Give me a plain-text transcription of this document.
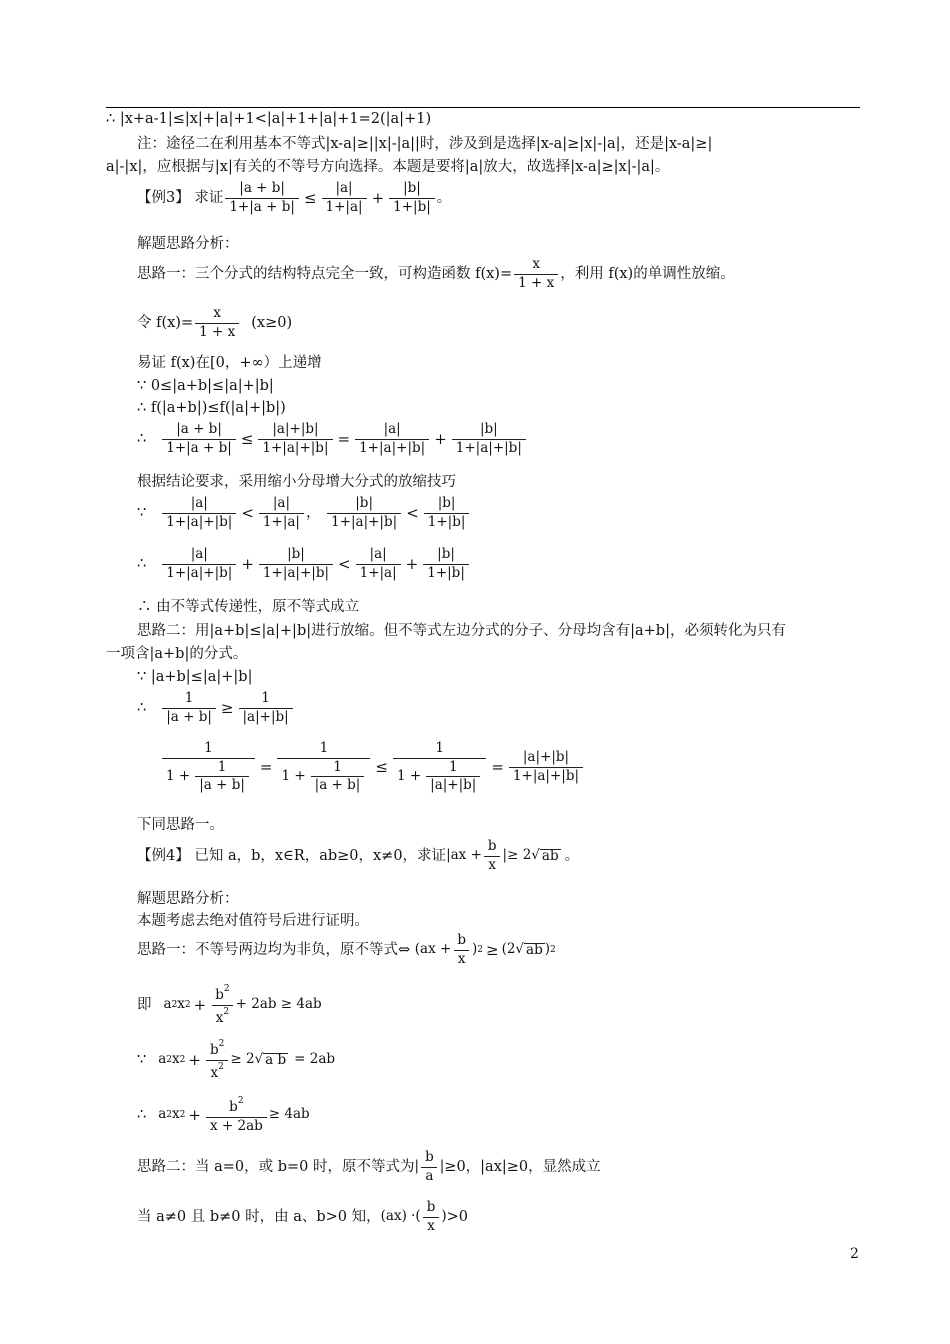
∴ |x+a-1|≤|x|+|a|+1<|a|+1+|a|+1=2(|a|+1)
注：途径二在利用基本不等式|x-a|≥||x|-|a||时，涉及到是选择|x-a|≥|x|-|a|，还是|x-a|≥|
a|-|x|，应根据与|x|有关的不等号方向选择。本题是要将|a|放大，故选择|x-a|≥|x|-|a|。
【例3】
求证 $\frac{|a + b|}{1+|a + b|} \le \frac{|a|}{1+|a|} + \frac{|b|}{1+|b|}$ 。
解题思路分析：
思路一：三个分式的结构特点完全一致，可构造函数 $f(x)= \frac{x}{1 + x}$ ，利用 f(x)的单调性放缩。
令 $f(x)= \frac{x}{1 + x} (x\ge 0)$
易证 f(x)在[0，+∞）上递增
∵ 0≤|a+b|≤|a|+|b|
∴ f(|a+b|)≤f(|a|+|b|)
∴ $\frac{|a + b|}{1+|a + b|} \le \frac{|a|+|b|}{1+|a|+|b|} = \frac{|a|}{1+|a|+|b|} + \frac{|b|}{1+|a|+|b|}$
根据结论要求，采用缩小分母增大分式的放缩技巧
∵ $\frac{|a|}{1+|a|+|b|} < \frac{|a|}{1+|a|}$ ，
$\frac{|b|}{1+|a|+|b|} < \frac{|b|}{1+|b|}$
∴ $\frac{|a|}{1+|a|+|b|} + \frac{|b|}{1+|a|+|b|} < \frac{|a|}{1+|a|} + \frac{|b|}{1+|b|}$
∴ 由不等式传递性，原不等式成立
思路二：用|a+b|≤|a|+|b|进行放缩。但不等式左边分式的分子、分母均含有|a+b|，必须转化为只有
一项含|a+b|的分式。
∵ |a+b|≤|a|+|b|
∴ $\frac{1}{|a + b|} \ge \frac{1}{|a|+|b|}$
$\frac{1}{1 + \frac{1}{|a + b|}} = \frac{1}{1 + \frac{1}{|a + b|}} \le \frac{1}{1 + \frac{1}{|a|+|b|}} = \frac{|a|+|b|}{1+|a|+|b|}$
下同思路一。
【例4】
已知 a，b，x∈R，ab≥0，x≠0，求证 $|ax + \frac{b}{x}$ |≥ 2 √ ab 。
解题思路分析：
本题考虑去绝对值符号后进行证明。
思路一：不等号两边均为非负，原不等式⇔
($ax + \frac{b}{x}$ ) 2 ≥ (2 √ ab ) 2
即 a 2 x $2 + \frac{b^2}{x^2} + 2ab \ge 4ab$
∵ a 2 x $2 + \frac{b^2}{x^2} \ge 2$ √ a b = 2ab
∴ a 2 x $2 + \frac{b^2}{x + 2ab} \ge 4ab$
思路二：当 a=0，或 b=0 时，原不等式为 | $\frac{b}{a}$ | ≥0，|ax|≥0，显然成立
当 a≠0 且 b≠0 时，由 a、b>0 知， (ax) ·( $\frac{b}{x}$ ) >0
2
